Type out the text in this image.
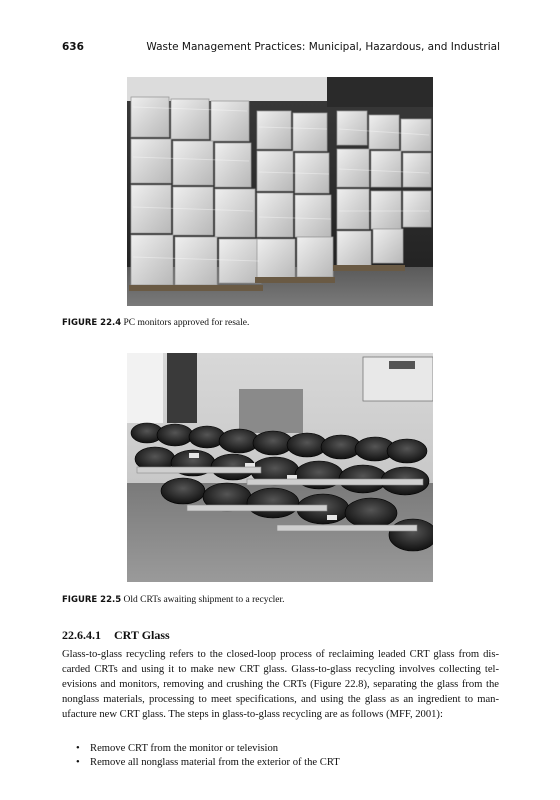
636	Waste Management Practices: Municipal, Hazardous, and Industrial
FIGURE 22.4 PC monitors approved for resale.
FIGURE 22.5 Old CRTs awaiting shipment to a recycler.
22.6.4.1 CRT Glass
Glass-to-glass recycling refers to the closed-loop process of reclaiming leaded CRT glass from dis-
carded CRTs and using it to make new CRT glass. Glass-to-glass recycling involves collecting tel-
evisions and monitors, removing and crushing the CRTs (Figure 22.8), separating the glass from the
nonglass materials, processing to meet specifications, and using the glass as an ingredient to man-
ufacture new CRT glass. The steps in glass-to-glass recycling are as follows (MFF, 2001):
• Remove CRT from the monitor or television
• Remove all nonglass material from the exterior of the CRT
